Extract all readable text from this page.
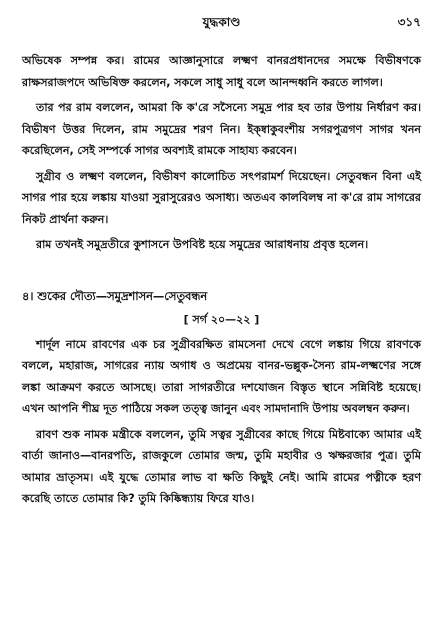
যুদ্ধকাণ্ড	৩১৭

অভিষেক সম্পন্ন কর। রামের আজ্ঞানুসারে লক্ষ্মণ বানরপ্রধানদের সমক্ষে বিভীষণকে রাক্ষসরাজপদে অভিষিক্ত করলেন, সকলে সাধু সাধু বলে আনন্দধ্বনি করতে লাগল।

তার পর রাম বললেন, আমরা কি ক'রে সসৈন্যে সমুদ্র পার হব তার উপায় নির্ধারণ কর। বিভীষণ উত্তর দিলেন, রাম সমুদ্রের শরণ নিন। ইক্ষ্বাকুবংশীয় সগরপুত্রগণ সাগর খনন করেছিলেন, সেই সম্পর্কে সাগর অবশ্যই রামকে সাহায্য করবেন।

সুগ্রীব ও লক্ষ্মণ বললেন, বিভীষণ কালোচিত সৎপরামর্শ দিয়েছেন। সেতুবন্ধন বিনা এই সাগর পার হয়ে লঙ্কায় যাওয়া সুরাসুরেরও অসাধ্য। অতএব কালবিলম্ব না ক'রে রাম সাগরের নিকট প্রার্থনা করুন।

রাম তখনই সমুদ্রতীরে কুশাসনে উপবিষ্ট হয়ে সমুদ্রের আরাধনায় প্রবৃত্ত হলেন।

৪। শুকের দৌত্য—সমুদ্রশাসন—সেতুবন্ধন
[ সর্গ ২০—২২ ]

শার্দূল নামে রাবণের এক চর সুগ্রীবরক্ষিত রামসেনা দেখে বেগে লঙ্কায় গিয়ে রাবণকে বললে, মহারাজ, সাগরের ন্যায় অগাধ ও অপ্রমেয় বানর-ভল্লুক-সৈন্য রাম-লক্ষ্মণের সঙ্গে লঙ্কা আক্রমণ করতে আসছে। তারা সাগরতীরে দশযোজন বিস্তৃত স্থানে সন্নিবিষ্ট হয়েছে। এখন আপনি শীঘ্র দূত পাঠিয়ে সকল তত্ত্ব জানুন এবং সামদানাদি উপায় অবলম্বন করুন।

রাবণ শুক নামক মন্ত্রীকে বললেন, তুমি সত্বর সুগ্রীবের কাছে গিয়ে মিষ্টবাক্যে আমার এই বার্তা জানাও—বানরপতি, রাজকুলে তোমার জন্ম, তুমি মহাবীর ও ঋক্ষরজার পুত্র। তুমি আমার ভ্রাতৃসম। এই যুদ্ধে তোমার লাভ বা ক্ষতি কিছুই নেই। আমি রামের পত্নীকে হরণ করেছি তাতে তোমার কি? তুমি কিষ্কিন্ধ্যায় ফিরে যাও।
